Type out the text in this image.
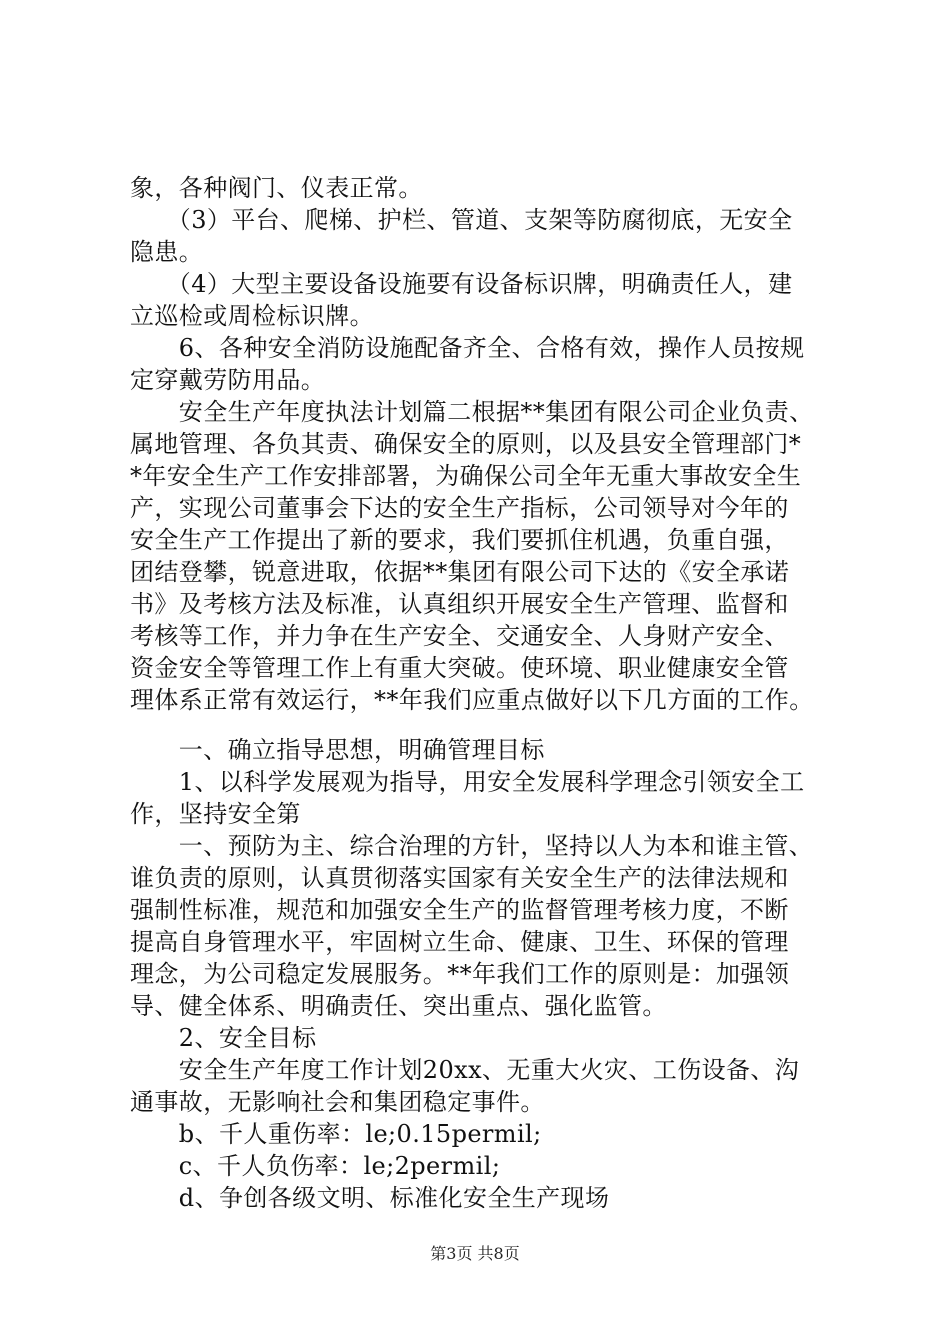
象，各种阀门、仪表正常。
　　（3）平台、爬梯、护栏、管道、支架等防腐彻底，无安全
隐患。
　　（4）大型主要设备设施要有设备标识牌，明确责任人，建
立巡检或周检标识牌。
　　6、各种安全消防设施配备齐全、合格有效，操作人员按规
定穿戴劳防用品。
　　安全生产年度执法计划篇二根据**集团有限公司企业负责、
属地管理、各负其责、确保安全的原则，以及县安全管理部门*
*年安全生产工作安排部署，为确保公司全年无重大事故安全生
产，实现公司董事会下达的安全生产指标，公司领导对今年的
安全生产工作提出了新的要求，我们要抓住机遇，负重自强，
团结登攀，锐意进取，依据**集团有限公司下达的《安全承诺
书》及考核方法及标准，认真组织开展安全生产管理、监督和
考核等工作，并力争在生产安全、交通安全、人身财产安全、
资金安全等管理工作上有重大突破。使环境、职业健康安全管
理体系正常有效运行，**年我们应重点做好以下几方面的工作。
　　一、确立指导思想，明确管理目标
　　1、以科学发展观为指导，用安全发展科学理念引领安全工
作，坚持安全第
　　一、预防为主、综合治理的方针，坚持以人为本和谁主管、
谁负责的原则，认真贯彻落实国家有关安全生产的法律法规和
强制性标准，规范和加强安全生产的监督管理考核力度，不断
提高自身管理水平，牢固树立生命、健康、卫生、环保的管理
理念，为公司稳定发展服务。**年我们工作的原则是：加强领
导、健全体系、明确责任、突出重点、强化监管。
　　2、安全目标
　　安全生产年度工作计划20xx、无重大火灾、工伤设备、沟
通事故，无影响社会和集团稳定事件。
　　b、千人重伤率：le;0.15permil;
　　c、千人负伤率：le;2permil;
　　d、争创各级文明、标准化安全生产现场
第3页 共8页
